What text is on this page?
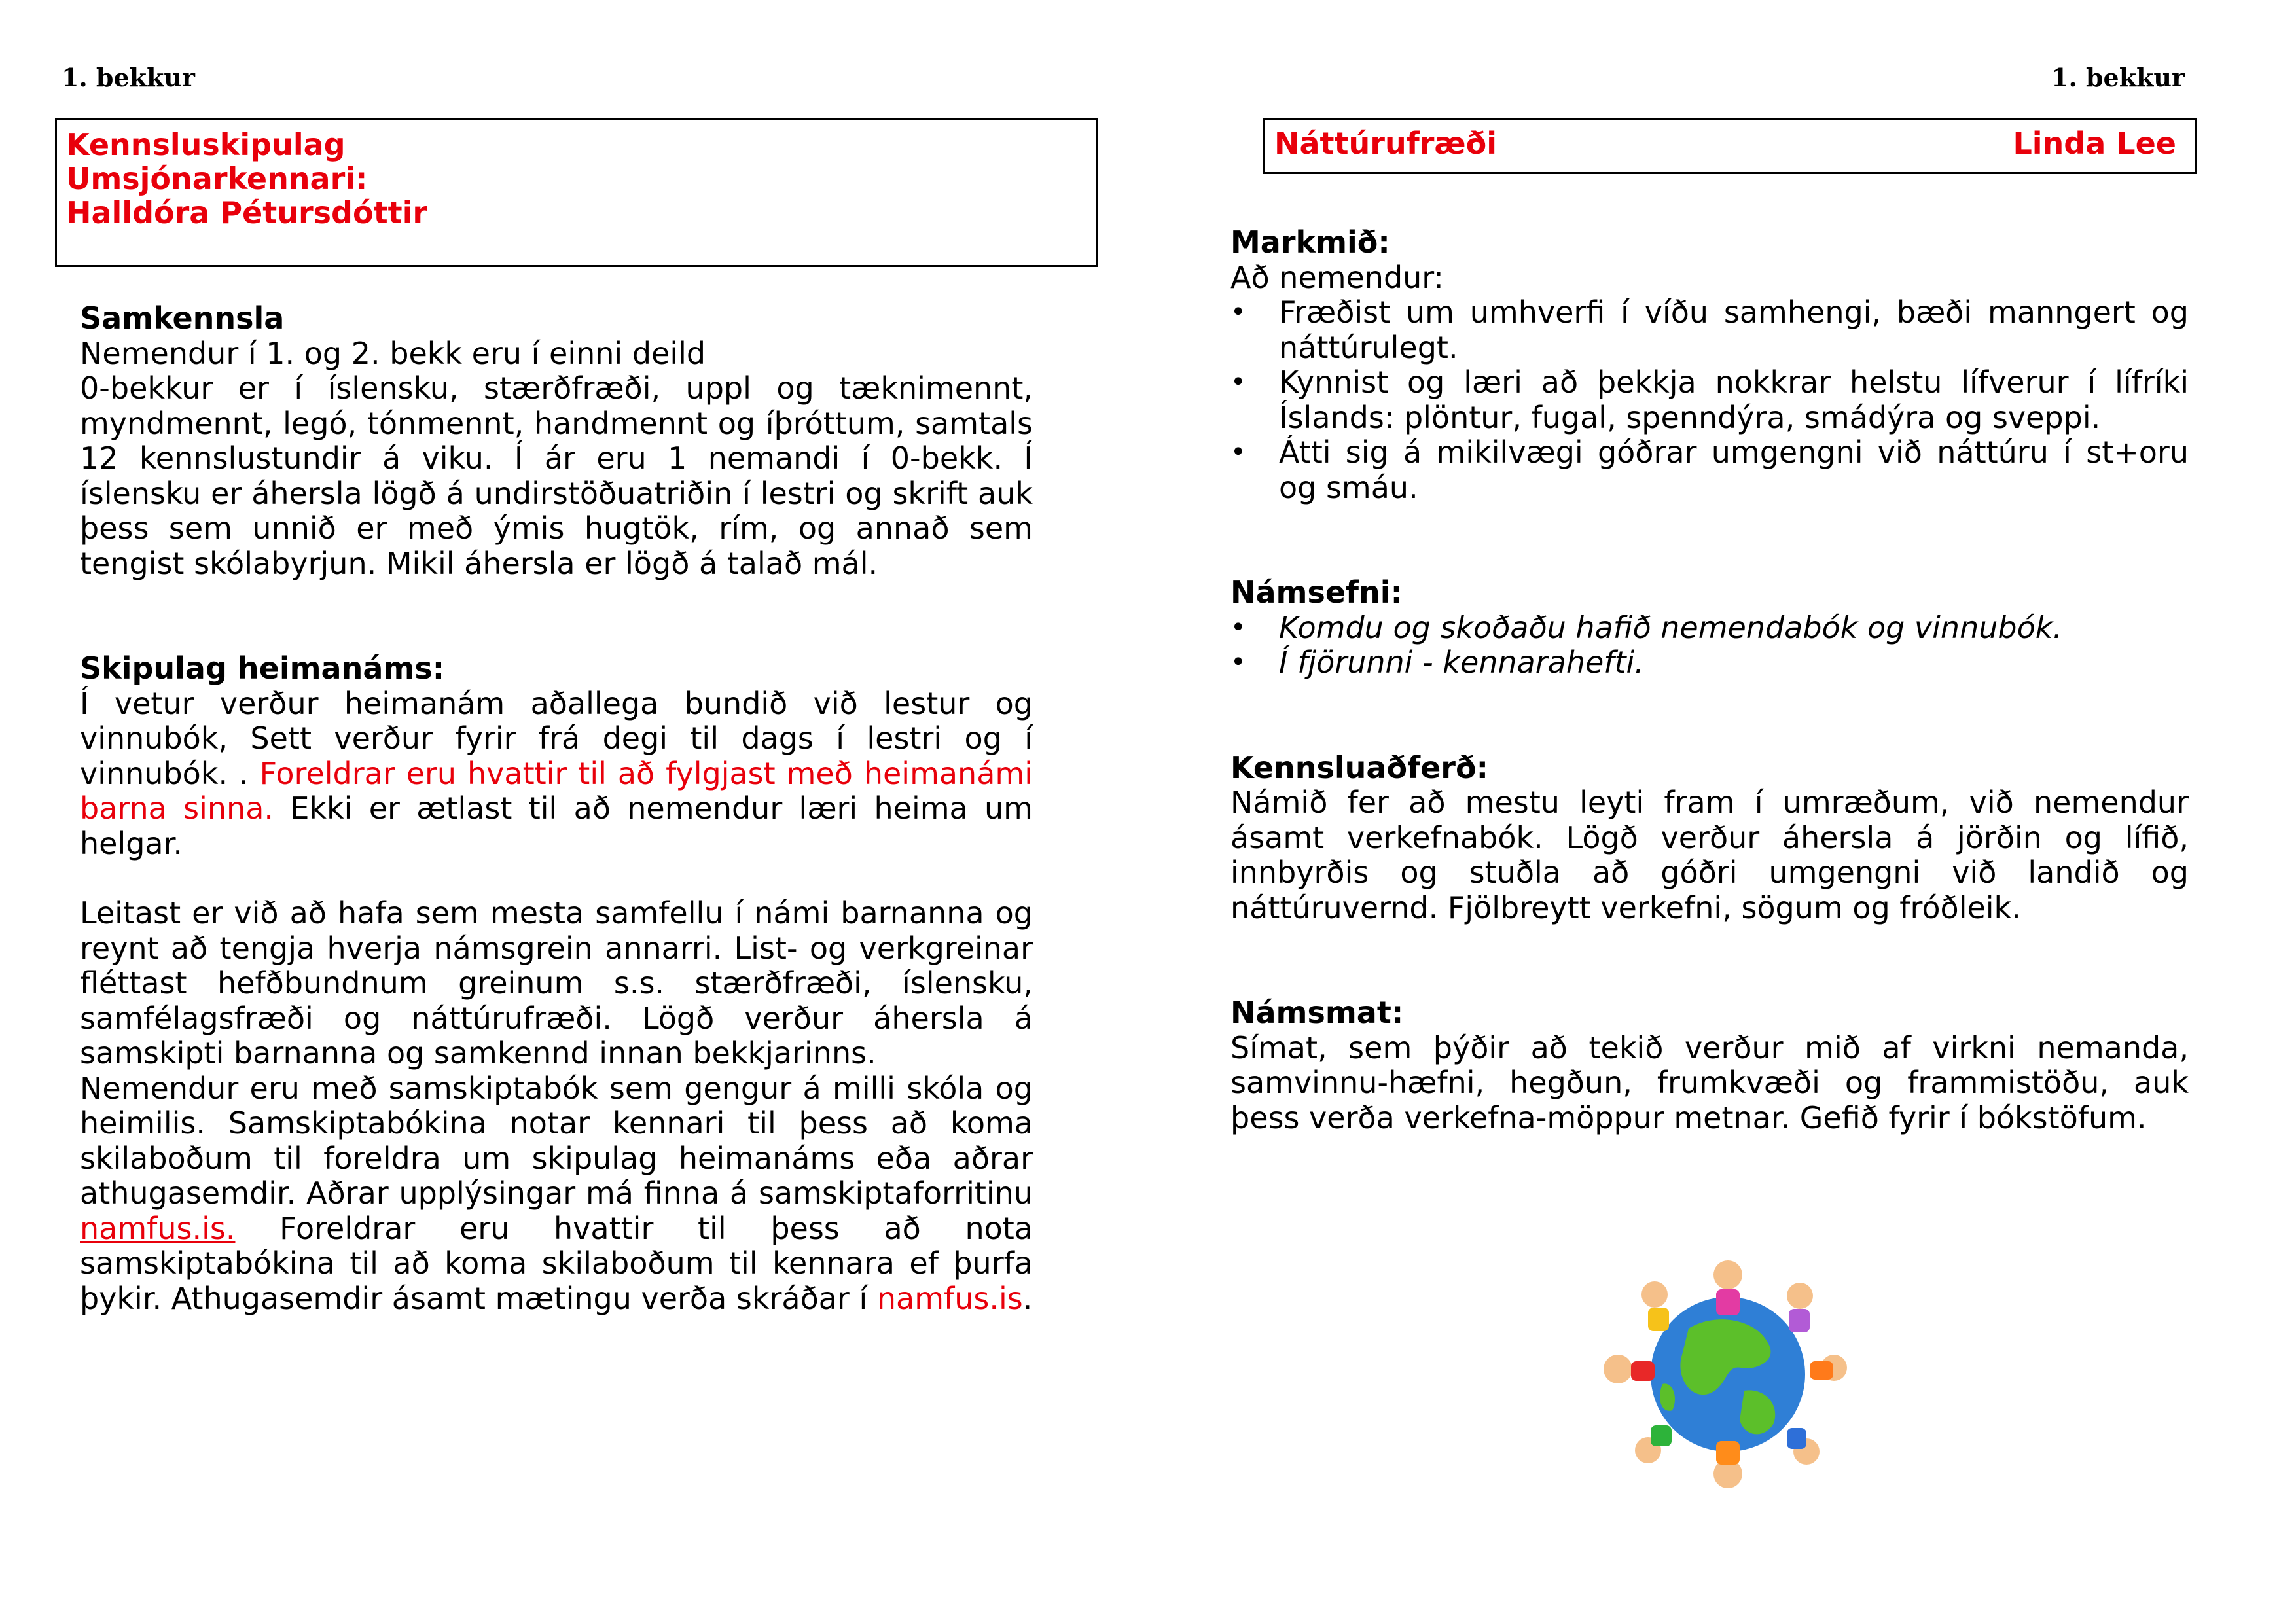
1. bekkur	1. bekkur
Kennsluskipulag
Umsjónarkennari:
Halldóra Pétursdóttir
Náttúrufræði	Linda Lee
Samkennsla

Nemendur í 1. og 2. bekk eru í einni deild

0-bekkur er í íslensku, stærðfræði, uppl og tæknimennt, myndmennt, legó, tónmennt, handmennt og íþróttum, samtals 12 kennslustundir á viku. Í ár eru 1 nemandi í 0-bekk. Í íslensku er áhersla lögð á undirstöðuatriðin í lestri og skrift auk þess sem unnið er með ýmis hugtök, rím, og annað sem tengist skólabyrjun. Mikil áhersla er lögð á talað mál.

Skipulag heimanáms:

Í vetur verður heimanám aðallega bundið við lestur og vinnubók, Sett verður fyrir frá degi til dags í lestri og í vinnubók. . Foreldrar eru hvattir til að fylgjast með heimanámi barna sinna. Ekki er ætlast til að nemendur læri heima um helgar.

Leitast er við að hafa sem mesta samfellu í námi barnanna og reynt að tengja hverja námsgrein annarri. List- og verkgreinar fléttast hefðbundnum greinum s.s. stærðfræði, íslensku, samfélagsfræði og náttúrufræði. Lögð verður áhersla á samskipti barnanna og samkennd innan bekkjarinns.

Nemendur eru með samskiptabók sem gengur á milli skóla og heimilis. Samskiptabókina notar kennari til þess að koma skilaboðum til foreldra um skipulag heimanáms eða aðrar athugasemdir. Aðrar upplýsingar má finna á samskiptaforritinu namfus.is. Foreldrar eru hvattir til þess að nota samskiptabókina til að koma skilaboðum til kennara ef þurfa þykir. Athugasemdir ásamt mætingu verða skráðar í namfus.is.

Markmið:

Að nemendur:

• Fræðist um umhverfi í víðu samhengi, bæði manngert og náttúrulegt.
• Kynnist og læri að þekkja nokkrar helstu lífverur í lífríki Íslands: plöntur, fugal, spenndýra, smádýra og sveppi.
• Átti sig á mikilvægi góðrar umgengni við náttúru í st+oru og smáu.
Námsefni:
• Komdu og skoðaðu hafið nemendabók og vinnubók.
• Í fjörunni - kennarahefti.
Kennsluaðferð:

Námið fer að mestu leyti fram í umræðum, við nemendur ásamt verkefnabók. Lögð verður áhersla á jörðin og lífið, innbyrðis og stuðla að góðri umgengni við landið og náttúruvernd. Fjölbreytt verkefni, sögum og fróðleik.

Námsmat:

Símat, sem þýðir að tekið verður mið af virkni nemanda, samvinnu-hæfni, hegðun, frumkvæði og frammistöðu, auk þess verða verkefna-möppur metnar. Gefið fyrir í bókstöfum.
